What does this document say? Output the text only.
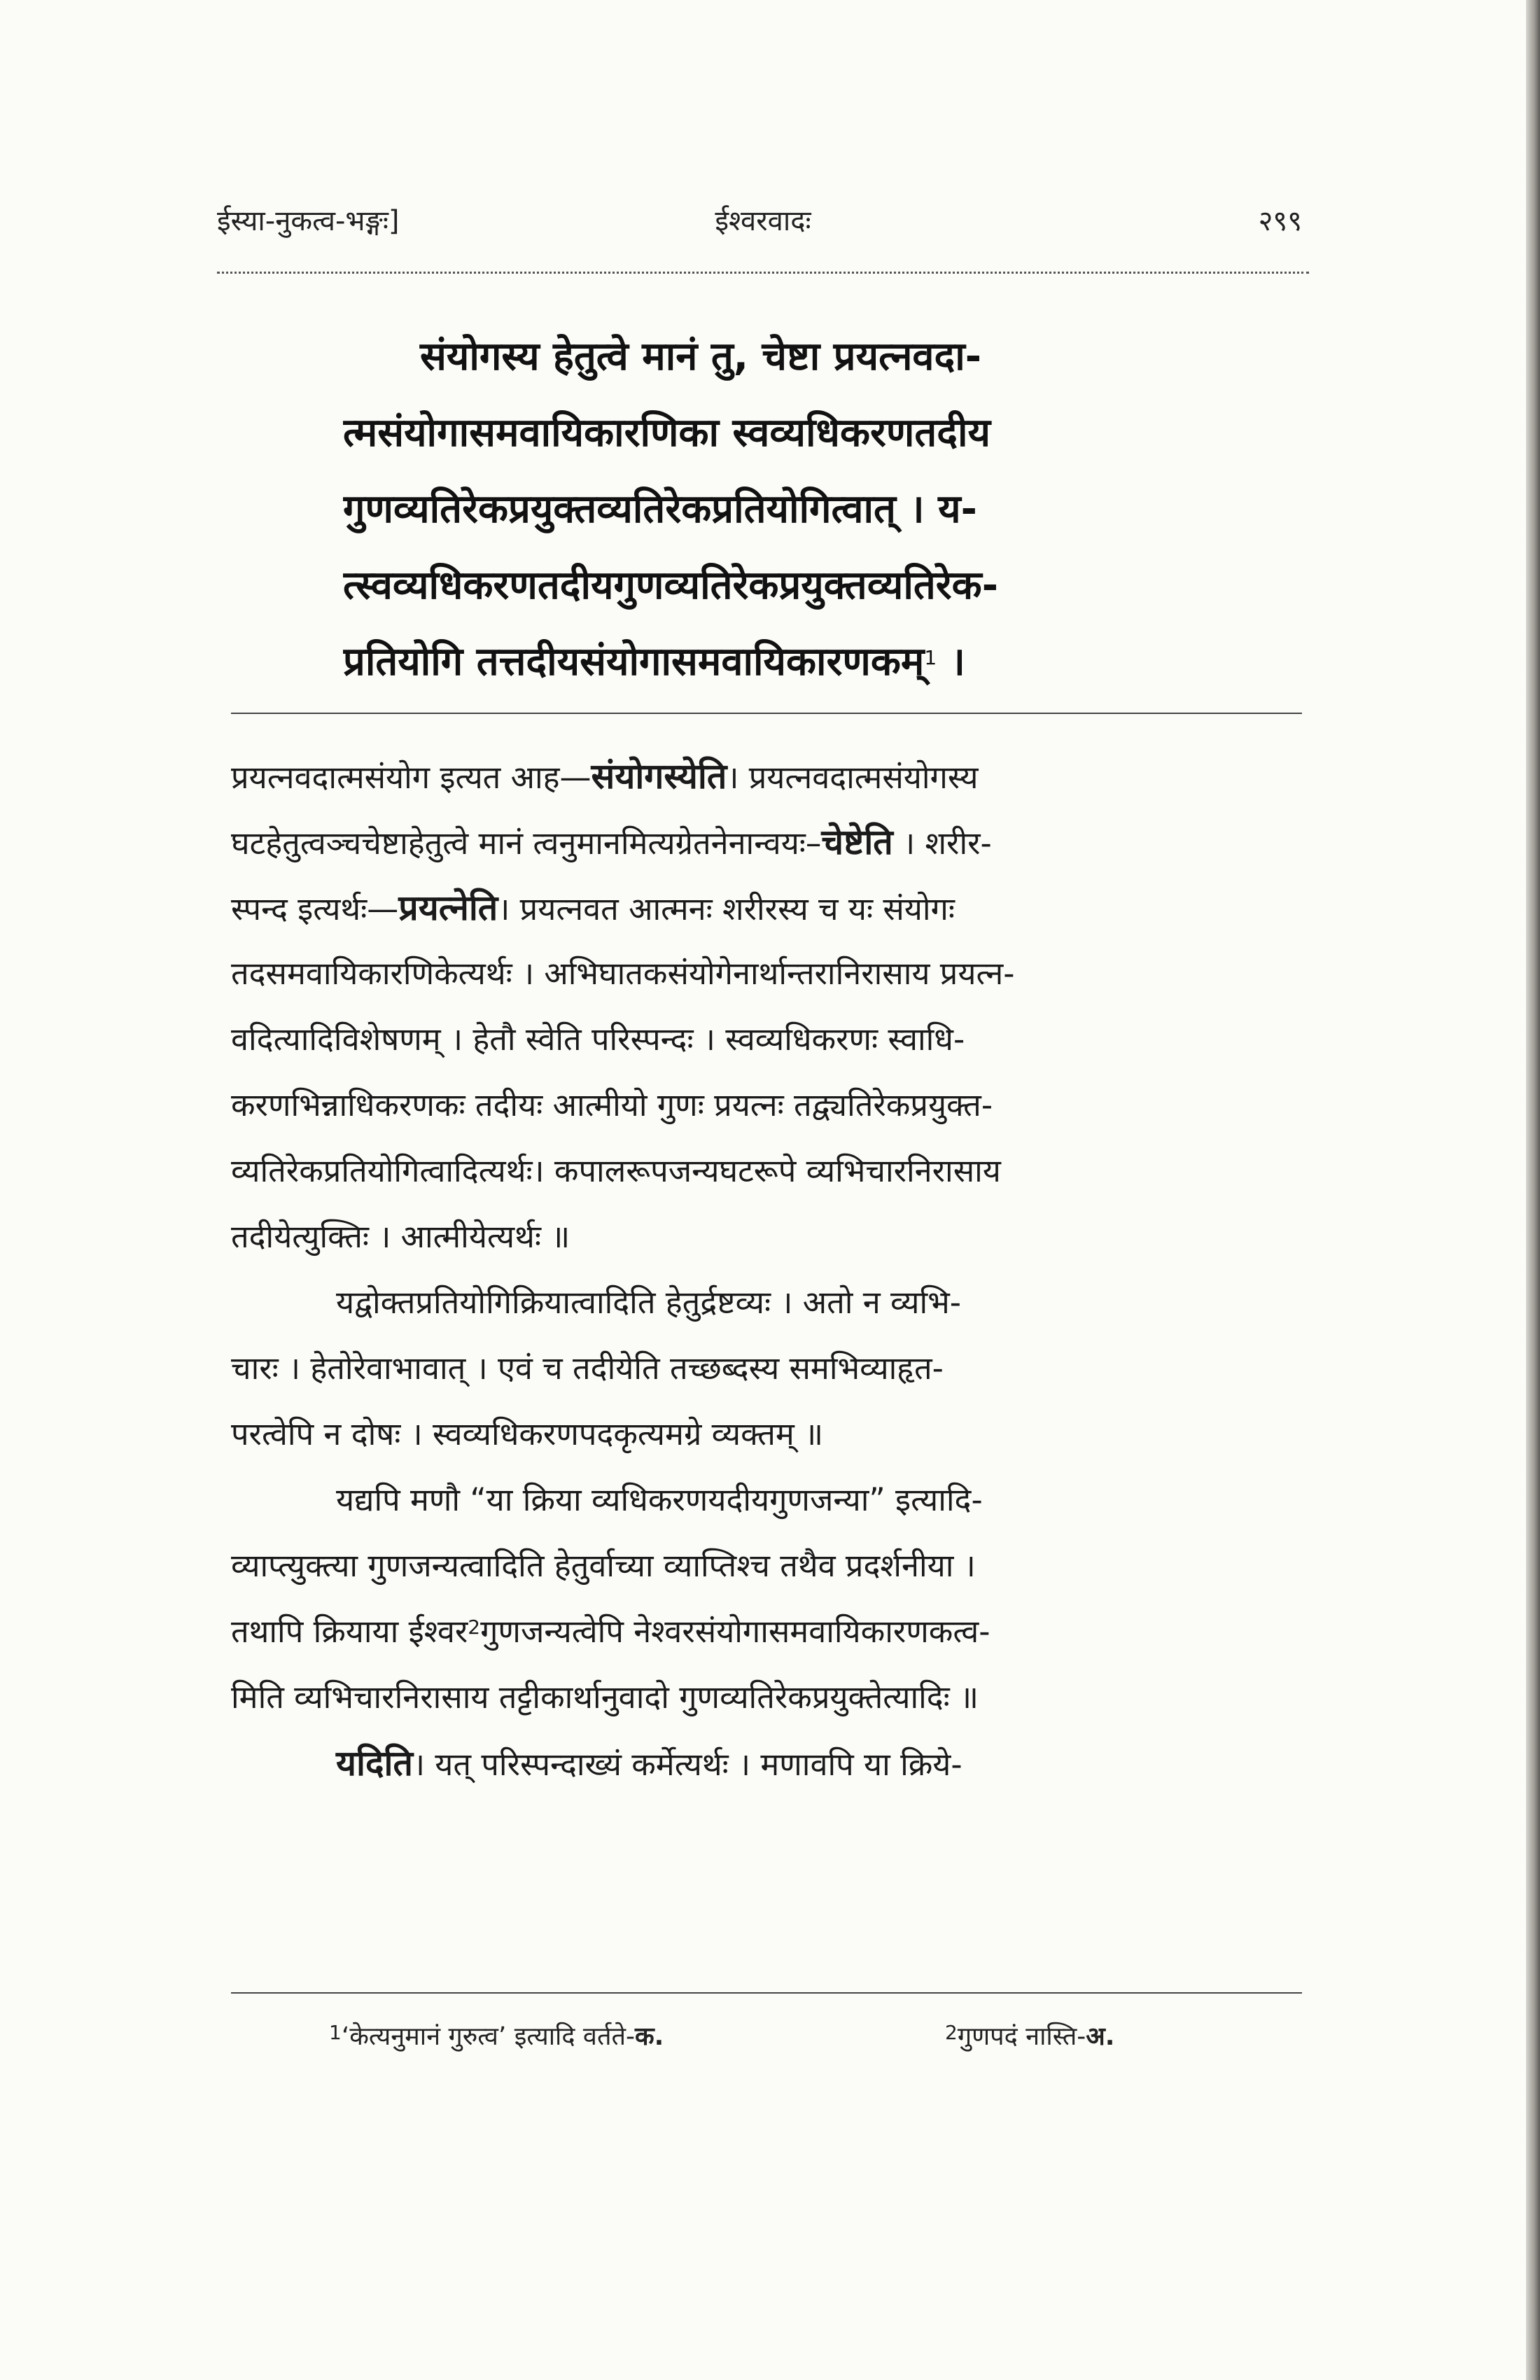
ईस्या-नुकत्व-भङ्गः]	ईश्वरवादः	२९९
संयोगस्य हेतुत्वे मानं तु, चेष्टा प्रयत्नवदा-
त्मसंयोगासमवायिकारणिका स्वव्यधिकरणतदीय
गुणव्यतिरेकप्रयुक्तव्यतिरेकप्रतियोगित्वात् । य-
त्स्वव्यधिकरणतदीयगुणव्यतिरेकप्रयुक्तव्यतिरेक-
प्रतियोगि तत्तदीयसंयोगासमवायिकारणकम्$^1$ ।
प्रयत्नवदात्मसंयोग इत्यत आह—संयोगस्येति। प्रयत्नवदात्मसंयोगस्य
घटहेतुत्वञ्चचेष्टाहेतुत्वे मानं त्वनुमानमित्यग्रेतनेनान्वयः–चेष्टेति । शरीर-
स्पन्द इत्यर्थः—प्रयत्नेति। प्रयत्नवत आत्मनः शरीरस्य च यः संयोगः
तदसमवायिकारणिकेत्यर्थः । अभिघातकसंयोगेनार्थान्तरानिरासाय प्रयत्न-
वदित्यादिविशेषणम् । हेतौ स्वेति परिस्पन्दः । स्वव्यधिकरणः स्वाधि-
करणभिन्नाधिकरणकः तदीयः आत्मीयो गुणः प्रयत्नः तद्व्यतिरेकप्रयुक्त-
व्यतिरेकप्रतियोगित्वादित्यर्थः। कपालरूपजन्यघटरूपे व्यभिचारनिरासाय
तदीयेत्युक्तिः । आत्मीयेत्यर्थः ॥
यद्वोक्तप्रतियोगिक्रियात्वादिति हेतुर्द्रष्टव्यः । अतो न व्यभि-
चारः । हेतोरेवाभावात् । एवं च तदीयेति तच्छब्दस्य समभिव्याहृत-
परत्वेपि न दोषः । स्वव्यधिकरणपदकृत्यमग्रे व्यक्तम् ॥
यद्यपि मणौ “या क्रिया व्यधिकरणयदीयगुणजन्या” इत्यादि-
व्याप्त्युक्त्या गुणजन्यत्वादिति हेतुर्वाच्या व्याप्तिश्च तथैव प्रदर्शनीया ।
तथापि क्रियाया ईश्वर$^2$गुणजन्यत्वेपि नेश्वरसंयोगासमवायिकारणकत्व-
मिति व्यभिचारनिरासाय तट्टीकार्थानुवादो गुणव्यतिरेकप्रयुक्तेत्यादिः ॥
यदिति। यत् परिस्पन्दाख्यं कर्मेत्यर्थः । मणावपि या क्रिये-
$^1$‘केत्यनुमानं गुरुत्व’ इत्यादि वर्तते-क.	$^2$गुणपदं नास्ति-अ.
